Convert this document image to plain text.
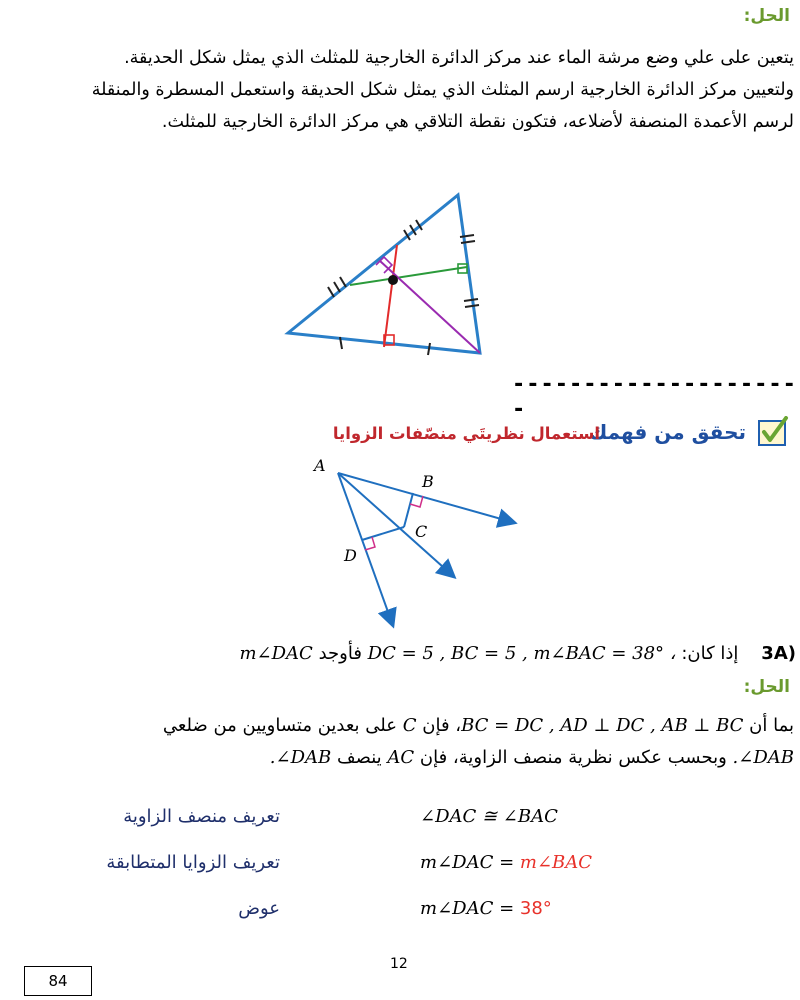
الحل:
يتعين على علي وضع مرشة الماء عند مركز الدائرة الخارجية للمثلث الذي يمثل شكل الحديقة.
ولتعيين مركز الدائرة الخارجية ارسم المثلث الذي يمثل شكل الحديقة واستعمل المسطرة والمنقلة
لرسم الأعمدة المنصفة لأضلاعه، فتكون نقطة التلاقي هي مركز الدائرة الخارجية للمثلث.
---------------------
تحقق من فهمك
استعمال نظريتَي منصّفات الزوايا
A
B
C
D
(3A    إذا كان: DC = 5 , BC = 5 , m∠BAC = 38° ، فأوجد m∠DAC
الحل:
بما أن BC = DC , AD ⊥ DC , AB ⊥ BC، فإن C على بعدين متساويين من ضلعي
DAB∠. وبحسب عكس نظرية منصف الزاوية، فإن AC ينصف DAB∠.
∠DAC ≅ ∠BAC
تعريف منصف الزاوية
m∠DAC = m∠BAC
تعريف الزوايا المتطابقة
m∠DAC = 38°
عوض
12
84
